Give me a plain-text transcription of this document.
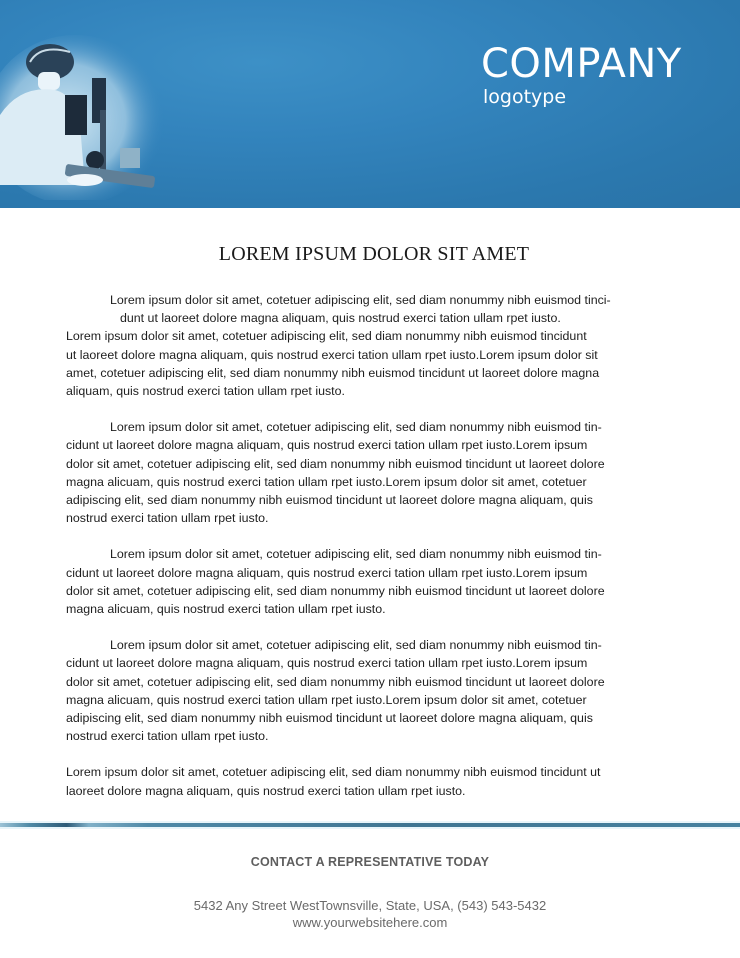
COMPANY
logotype
LOREM IPSUM DOLOR SIT AMET

Lorem ipsum dolor sit amet, cotetuer adipiscing elit, sed diam nonummy nibh euismod tinci-
dunt ut laoreet dolore magna aliquam, quis nostrud exerci tation ullam rpet iusto.
Lorem ipsum dolor sit amet, cotetuer adipiscing elit, sed diam nonummy nibh euismod tincidunt
ut laoreet dolore magna aliquam, quis nostrud exerci tation ullam rpet iusto.Lorem ipsum dolor sit
amet, cotetuer adipiscing elit, sed diam nonummy nibh euismod tincidunt ut laoreet dolore magna
aliquam, quis nostrud exerci tation ullam rpet iusto.

Lorem ipsum dolor sit amet, cotetuer adipiscing elit, sed diam nonummy nibh euismod tin-
cidunt ut laoreet dolore magna aliquam, quis nostrud exerci tation ullam rpet iusto.Lorem ipsum
dolor sit amet, cotetuer adipiscing elit, sed diam nonummy nibh euismod tincidunt ut laoreet dolore
magna alicuam, quis nostrud exerci tation ullam rpet iusto.Lorem ipsum dolor sit amet, cotetuer
adipiscing elit, sed diam nonummy nibh euismod tincidunt ut laoreet dolore magna aliquam, quis
nostrud exerci tation ullam rpet iusto.

Lorem ipsum dolor sit amet, cotetuer adipiscing elit, sed diam nonummy nibh euismod tin-
cidunt ut laoreet dolore magna aliquam, quis nostrud exerci tation ullam rpet iusto.Lorem ipsum
dolor sit amet, cotetuer adipiscing elit, sed diam nonummy nibh euismod tincidunt ut laoreet dolore
magna alicuam, quis nostrud exerci tation ullam rpet iusto.

Lorem ipsum dolor sit amet, cotetuer adipiscing elit, sed diam nonummy nibh euismod tin-
cidunt ut laoreet dolore magna aliquam, quis nostrud exerci tation ullam rpet iusto.Lorem ipsum
dolor sit amet, cotetuer adipiscing elit, sed diam nonummy nibh euismod tincidunt ut laoreet dolore
magna alicuam, quis nostrud exerci tation ullam rpet iusto.Lorem ipsum dolor sit amet, cotetuer
adipiscing elit, sed diam nonummy nibh euismod tincidunt ut laoreet dolore magna aliquam, quis
nostrud exerci tation ullam rpet iusto.

Lorem ipsum dolor sit amet, cotetuer adipiscing elit, sed diam nonummy nibh euismod tincidunt ut
laoreet dolore magna aliquam, quis nostrud exerci tation ullam rpet iusto.

CONTACT A REPRESENTATIVE TODAY
5432 Any Street WestTownsville, State, USA, (543) 543-5432
www.yourwebsitehere.com
